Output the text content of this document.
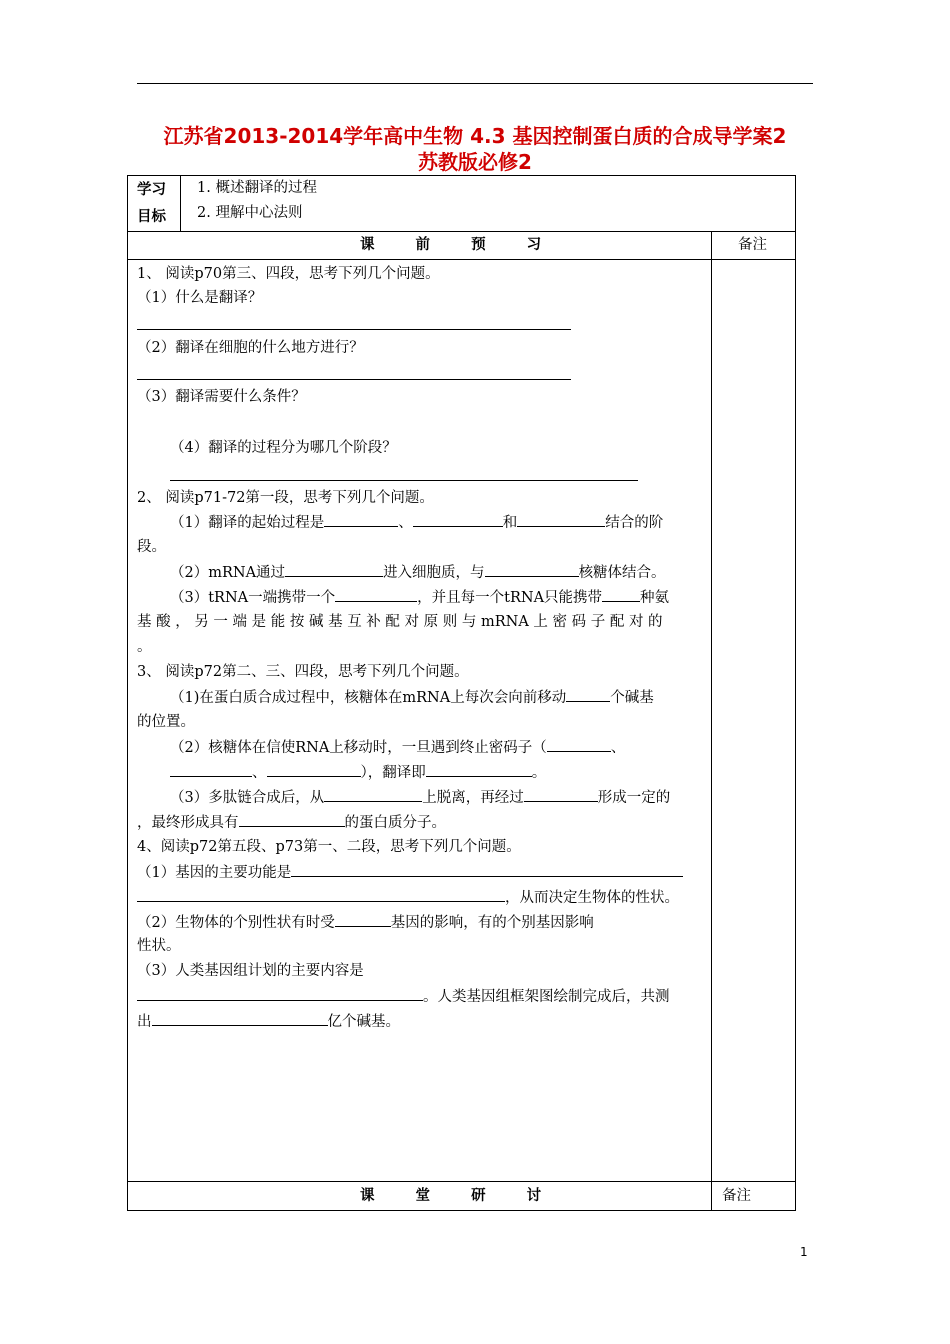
江苏省2013-2014学年高中生物 4.3 基因控制蛋白质的合成导学案2
苏教版必修2
学习
目标
1. 概述翻译的过程
2. 理解中心法则
课 前 预 习	备注
1、 阅读p70第三、四段，思考下列几个问题。
（1）什么是翻译？
（2）翻译在细胞的什么地方进行？
（3）翻译需要什么条件？
（4）翻译的过程分为哪几个阶段？
2、 阅读p71-72第一段，思考下列几个问题。
（1）翻译的起始过程是	、	和	结合的阶
段。
（2）mRNA通过	进入细胞质，与	核糖体结合。
（3）tRNA一端携带一个	，并且每一个tRNA只能携带	种氨
基 酸 ， 另 一 端 是 能 按 碱 基 互 补 配 对 原 则 与 mRNA 上 密 码 子 配 对 的
。
3、 阅读p72第二、三、四段，思考下列几个问题。
（1)在蛋白质合成过程中，核糖体在mRNA上每次会向前移动	个碱基
的位置。
（2）核糖体在信使RNA上移动时，一旦遇到终止密码子（	、
、	），翻译即	。
（3）多肽链合成后，从	上脱离，再经过	形成一定的
，最终形成具有	的蛋白质分子。
4、阅读p72第五段、p73第一、二段，思考下列几个问题。
（1）基因的主要功能是
，从而决定生物体的性状。
（2）生物体的个别性状有时受	基因的影响，有的个别基因影响
性状。
（3）人类基因组计划的主要内容是
。人类基因组框架图绘制完成后，共测
出	亿个碱基。
课 堂 研 讨	备注
1
